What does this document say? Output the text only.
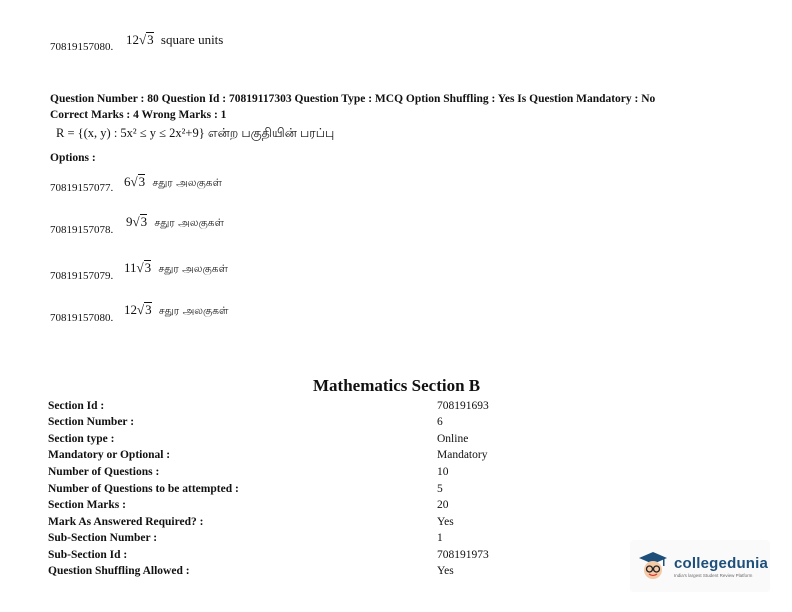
70819157080. 12 √ 3 square units
Question Number : 80 Question Id : 70819117303 Question Type : MCQ Option Shuffling : Yes Is Question Mandatory : No
Correct Marks : 4 Wrong Marks : 1
R = {(x, y) : 5x² ≤ y ≤ 2x²+9} என்ற பகுதியின் பரப்பு
Options :
70819157077. 6 √ 3 சதுர அலகுகள்
70819157078.
9 √ 3 சதுர அலகுகள்
70819157079.
11 √ 3 சதுர அலகுகள்
70819157080.
12 √ 3 சதுர அலகுகள்
Mathematics Section B
Section Id :	708191693
Section Number :	6
Section type :	Online
Mandatory or Optional :	Mandatory
Number of Questions :	10
Number of Questions to be attempted :	5
Section Marks :	20
Mark As Answered Required? :	Yes
Sub-Section Number :	1
Sub-Section Id :	708191973
Question Shuffling Allowed :	Yes	collegedunia
India's largest Student Review Platform
